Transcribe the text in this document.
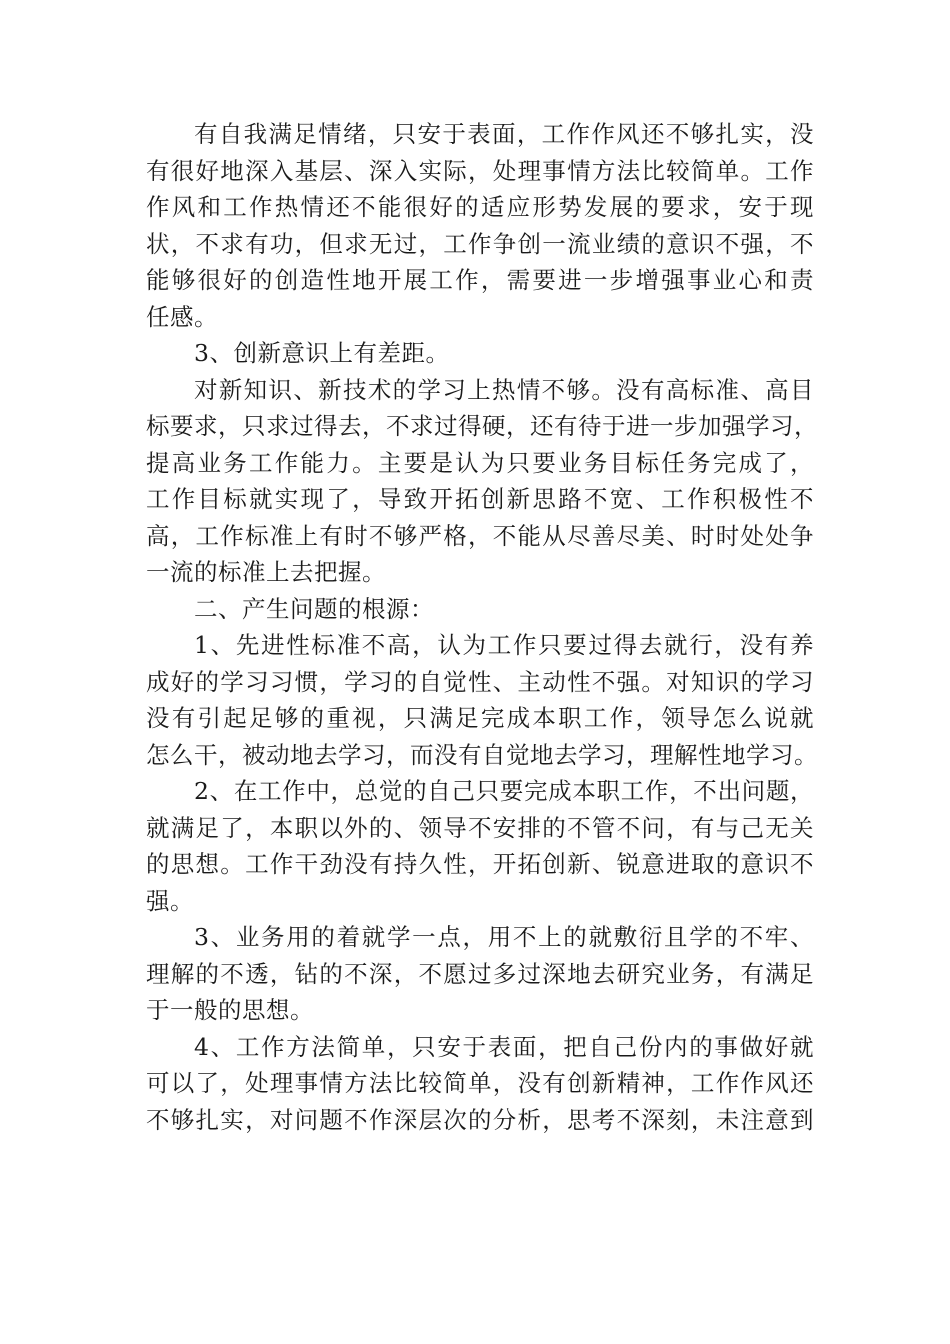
有自我满足情绪，只安于表面，工作作风还不够扎实，没
有很好地深入基层、深入实际，处理事情方法比较简单。工作
作风和工作热情还不能很好的适应形势发展的要求，安于现
状，不求有功，但求无过，工作争创一流业绩的意识不强，不
能够很好的创造性地开展工作，需要进一步增强事业心和责
任感。
3、创新意识上有差距。
对新知识、新技术的学习上热情不够。没有高标准、高目
标要求，只求过得去，不求过得硬，还有待于进一步加强学习，
提高业务工作能力。主要是认为只要业务目标任务完成了，
工作目标就实现了，导致开拓创新思路不宽、工作积极性不
高，工作标准上有时不够严格，不能从尽善尽美、时时处处争
一流的标准上去把握。
二、产生问题的根源：
1、先进性标准不高，认为工作只要过得去就行，没有养
成好的学习习惯，学习的自觉性、主动性不强。对知识的学习
没有引起足够的重视，只满足完成本职工作，领导怎么说就
怎么干，被动地去学习，而没有自觉地去学习，理解性地学习。
2、在工作中，总觉的自己只要完成本职工作，不出问题，
就满足了，本职以外的、领导不安排的不管不问，有与己无关
的思想。工作干劲没有持久性，开拓创新、锐意进取的意识不
强。
3、业务用的着就学一点，用不上的就敷衍且学的不牢、
理解的不透，钻的不深，不愿过多过深地去研究业务，有满足
于一般的思想。
4、工作方法简单，只安于表面，把自己份内的事做好就
可以了，处理事情方法比较简单，没有创新精神，工作作风还
不够扎实，对问题不作深层次的分析，思考不深刻，未注意到
